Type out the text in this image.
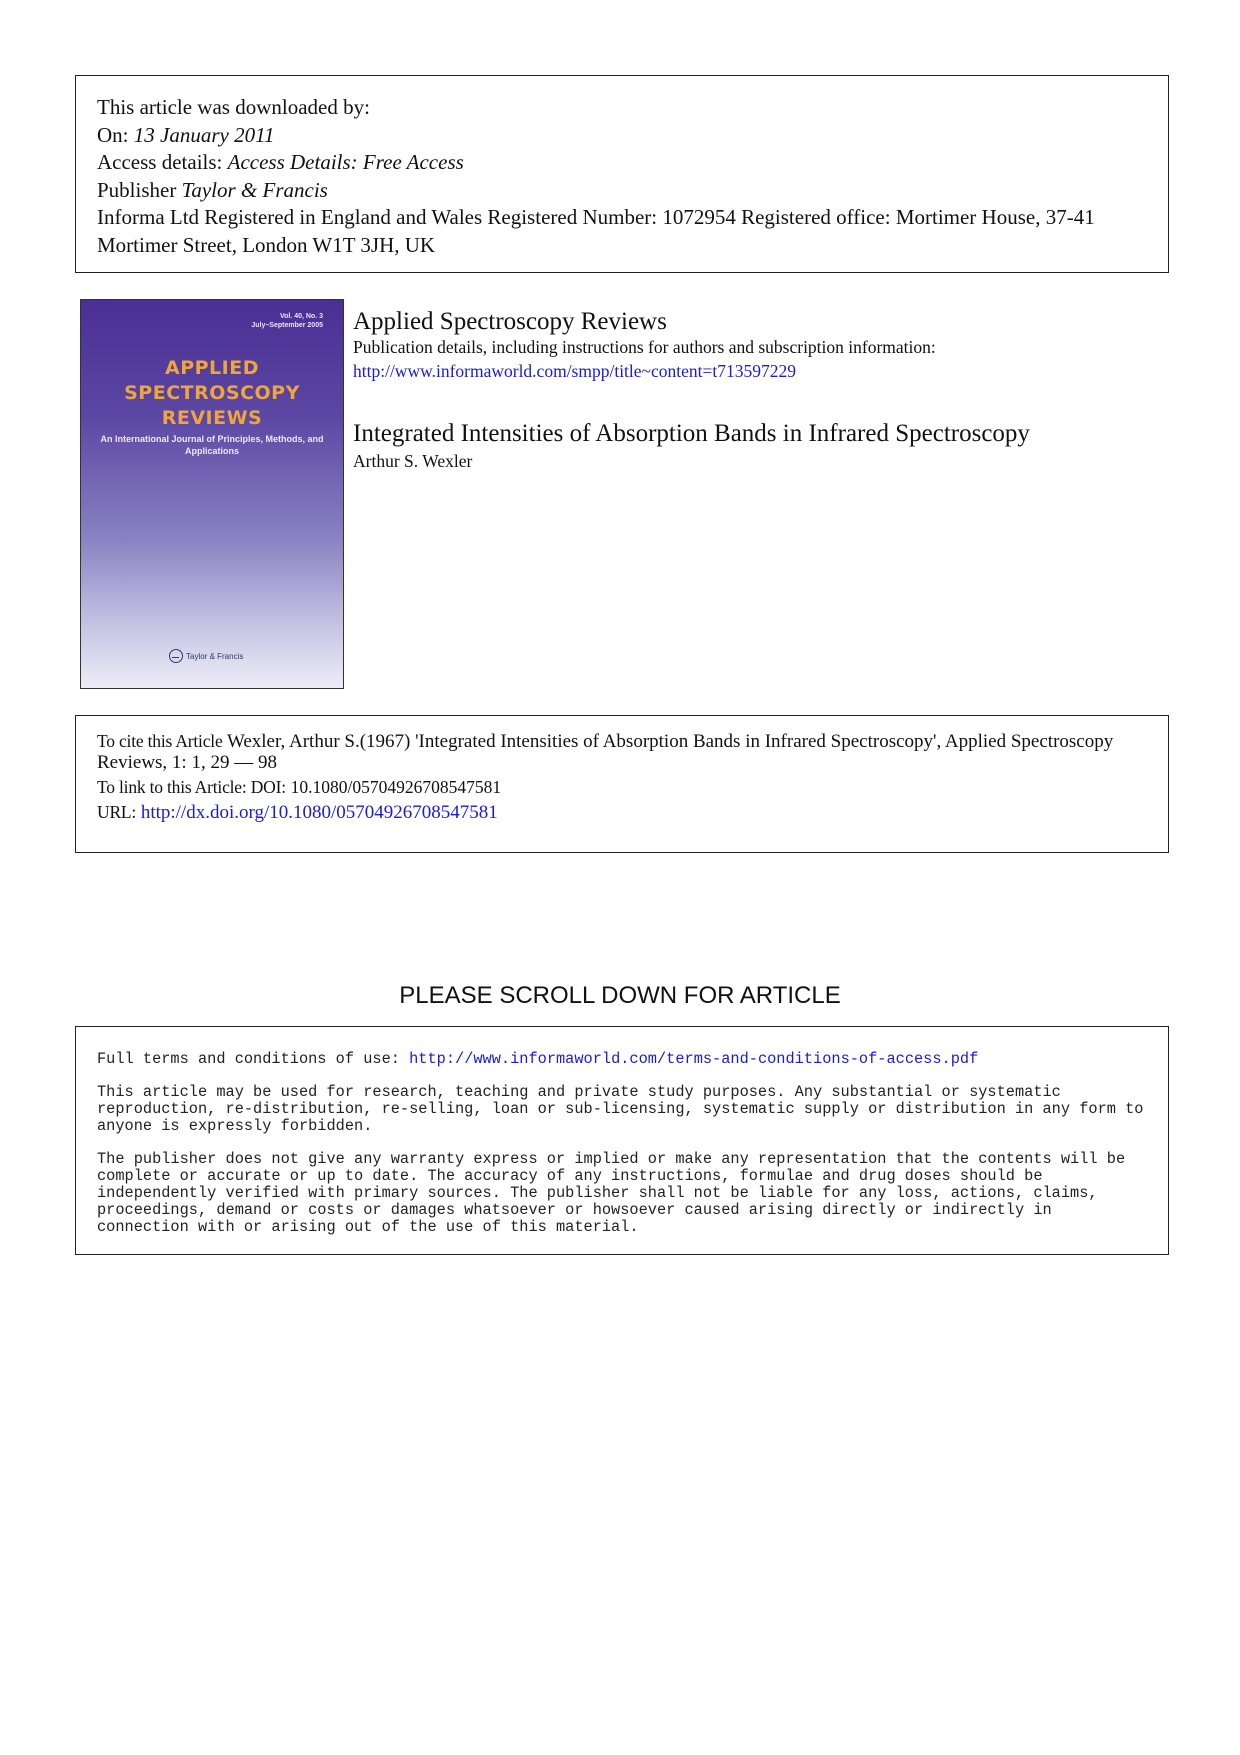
This article was downloaded by:
On: 13 January 2011
Access details: Access Details: Free Access
Publisher Taylor & Francis
Informa Ltd Registered in England and Wales Registered Number: 1072954 Registered office: Mortimer House, 37-41 Mortimer Street, London W1T 3JH, UK
Vol. 40, No. 3
July–September 2005
APPLIED
SPECTROSCOPY
REVIEWS
An International Journal of Principles, Methods, and Applications
Taylor & Francis
Applied Spectroscopy Reviews
Publication details, including instructions for authors and subscription information:
http://www.informaworld.com/smpp/title~content=t713597229
Integrated Intensities of Absorption Bands in Infrared Spectroscopy
Arthur S. Wexler
To cite this Article Wexler, Arthur S.(1967) 'Integrated Intensities of Absorption Bands in Infrared Spectroscopy', Applied Spectroscopy Reviews, 1: 1, 29 — 98
To link to this Article: DOI: 10.1080/05704926708547581
URL: http://dx.doi.org/10.1080/05704926708547581
PLEASE SCROLL DOWN FOR ARTICLE

Full terms and conditions of use: http://www.informaworld.com/terms-and-conditions-of-access.pdf

This article may be used for research, teaching and private study purposes. Any substantial or systematic reproduction, re-distribution, re-selling, loan or sub-licensing, systematic supply or distribution in any form to anyone is expressly forbidden.

The publisher does not give any warranty express or implied or make any representation that the contents will be complete or accurate or up to date. The accuracy of any instructions, formulae and drug doses should be independently verified with primary sources. The publisher shall not be liable for any loss, actions, claims, proceedings, demand or costs or damages whatsoever or howsoever caused arising directly or indirectly in connection with or arising out of the use of this material.
